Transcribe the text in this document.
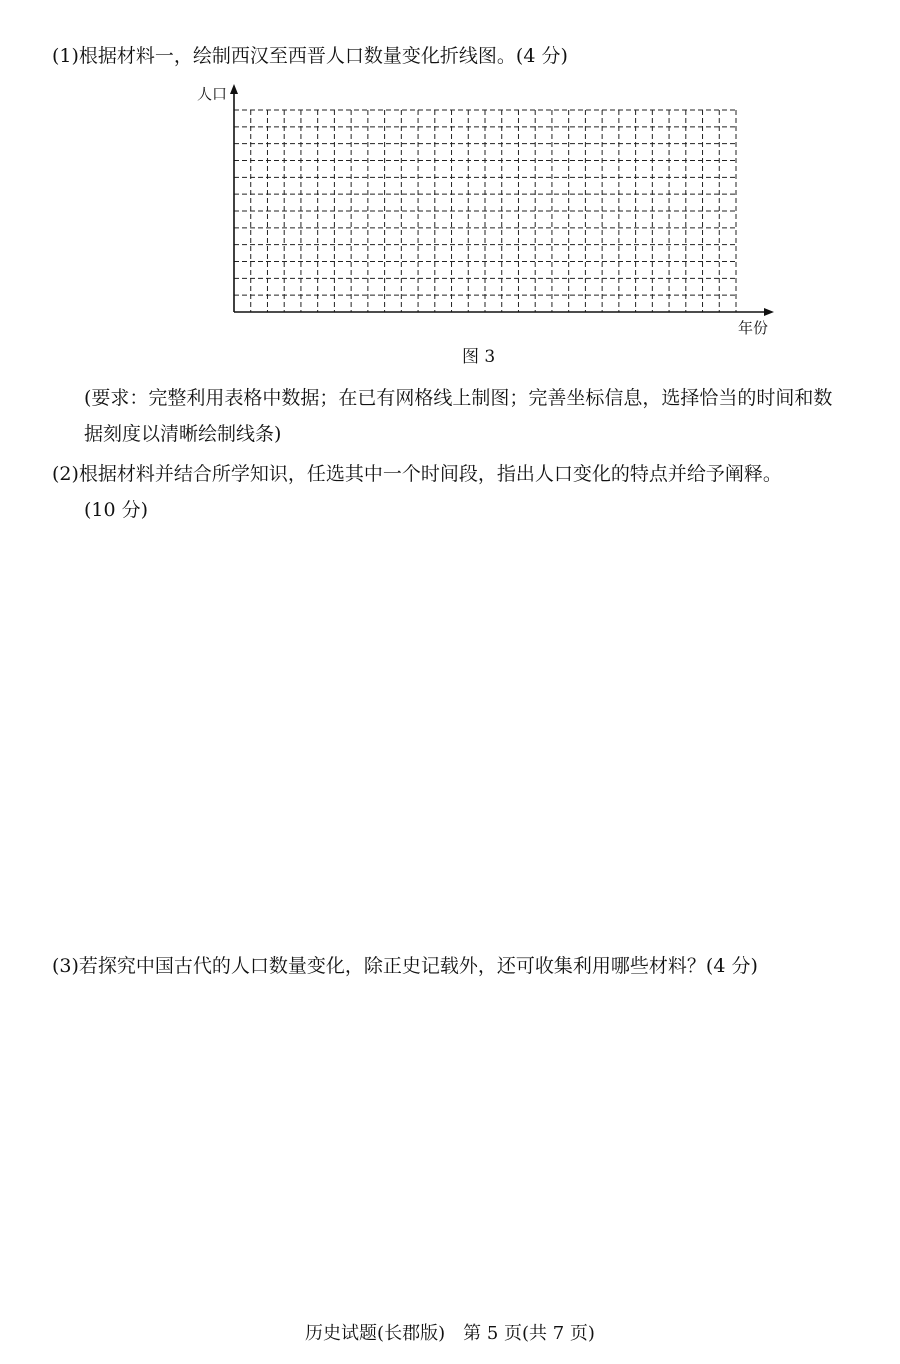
(1)根据材料一，绘制西汉至西晋人口数量变化折线图。(4 分)
人口
年份
图 3
(要求：完整利用表格中数据；在已有网格线上制图；完善坐标信息，选择恰当的时间和数
据刻度以清晰绘制线条)
(2)根据材料并结合所学知识，任选其中一个时间段，指出人口变化的特点并给予阐释。
(10 分)
(3)若探究中国古代的人口数量变化，除正史记载外，还可收集利用哪些材料？(4 分)
历史试题(长郡版)　第 5 页(共 7 页)
